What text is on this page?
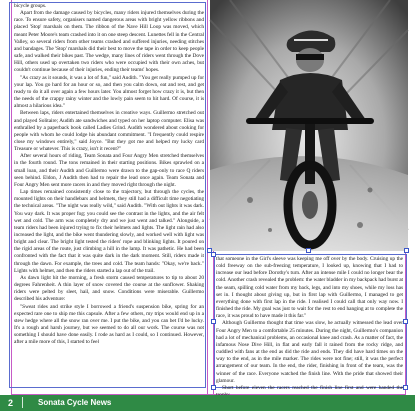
bicycle groups.

Apart from the damage caused by bicycles, many riders injured themselves during the race. To ensure safety, organisers named dangerous areas with bright yellow ribbons and placed 'Stop' marshals on them. The ribbon of the Nave Hill Loop was moved, which meant Peter Moore's team crashed into it on one steep descent. Lunettes fell in the Central Valley, so several riders from other teams crashed and suffered injuries, needing stitches and bandages. The 'Stop' marshals did their best to move the tape in order to keep people safe, and walked their bikes past. The wedge, many lines of riders went through the Dove Hill, others used up overtaken two riders who were occupied with their own aches, but couldn't continue because of their injuries, ending their teams' hopes.

"As crazy as it sounds, it was a lot of fun," said Audith. "You get really pumped up for your lap. You go hard for an hour or so, and then you calm down, eat and rest, and get ready to do it all over again a few hours later. You almost forget how crazy it is, but then the needs of the crappy rainy winter and the lowly pain seem to hit hard. Of course, it is almost a hilarious idea."

Between laps, riders entertained themselves in creative ways. Guillermo stretched out and played Solitaire; Audith ate sandwiches and typed on her laptop computer. Elisa was enthralled by a paperback book called Ladies Grind. Audith wondered about cooking for people with whom he could lodge his abundant commitment. "I frequently could respire close my windows entirely," said Joyce. "But they got me and helped my lucky card Treasure or whatever. This is crazy, isn't it recent?"

After several hours of riding, Team Sonata and Four Angry Men stretched themselves in the fourth round. The tons remained in their starting positions. Bikes sprawled on a small loan, and their Audith and Guillermo were drawn to the gap-only to race Q riders seen behind. Eldon, J Audith then had to repair the lead once again. Team Sonata and Four Angry Men sent more racers in and they moved right through the night.

Lap times remained consistently close to the trajectory, but through the cycles, the mounted lights on their handlebars and helmets, they still had a difficult time negotiating the technical areas. "The night was really wild," said Audith. "With out lights it was dark. You way dark. It was proper fog; you could see the contrast in the lights, and the air felt wet and cold. The arm was completely dry and we just went and talked." Alongside, a team riders had been injured trying to fix their helmets and lights. The light rain had also increased the light, and the bike went thundering slowly, and worked well with light was bright and clear. The bright light tested the riders' rope and blinking lights. It poured on the rigid areas of the route, just climbing a hill in the lamp. It was pathetic. He had been confronted with the fact that it was quite dark in the dark moment. Still, riders made it through the dawn. For example, the trees and cold. The team hands: "Okay, we're back." Lights with helmet, and then the riders started a lap out of the trail.

As dawn light hit the morning, a fresh storm caused temperatures to tip to about 20 degrees Fahrenheit. A thin layer of snow covered the course at the sunflower. Shaking riders were pelted by sleet, hail, and snow. Conditions were miserable. Guillermo described his adventure:

"Sweat rides and strike style I borrowed a friend's suspension bike, spring for an expected rare one to ship me this capsule. After a few others, my trips would end up in a stew hedge where all the snow ran over me. I put the bike, and you can bet I'd be lucky. It's a rough and harsh journey, but we seemed to do all our work. The course was not something I should have done easily. I rode as hard as I could, so I continued. However, after a mile more of this, I started to feel

that someone in the Girl's sleeve was keeping me off over by the body. Cruising up the cold freeway on the sub-freezing temperature, I looked up, knowing that I had to increase our lead before Dorothy's turn. After an intense mile I could no longer bear the cold. Another crash revealed the problem: the water bladder in my backpack had burst at the seam, spilling cold water from my back, legs, and into my shoes, while my loss has set in. I thought about giving up, but in first lap with Guillermo, I managed to get everything done with first lap in the ride. I realised I could call that only way now. I finished the ride. My goal was just to wait for the rest to end hanging at to complete the race, it was proud to have made it this far."

Although Guillermo thought that time was slow, he actually witnessed the lead over Four Angry Men to a comfortable 25 minutes. During the night, Guillermo's companion had a lot of mechanical problems, an occasional knee and crash. As a matter of fact, the infamous Nose Dive Hill, in flat and early fall it rained from the rocky ridge, and cuddled with fans at the end as did the ride and ends. They did have hard times on the way to the end, as in the mile marker. The rides were not fine; still, it was the perfect arrangement of our team. In the end, the rider, finishing in front of the team, was the winner of the race. Everyone watched the finish line. With the pride that showed their glamour.

Short before eleven the racers reached the finish line first and were handed the

2	Sonata Cycle News
